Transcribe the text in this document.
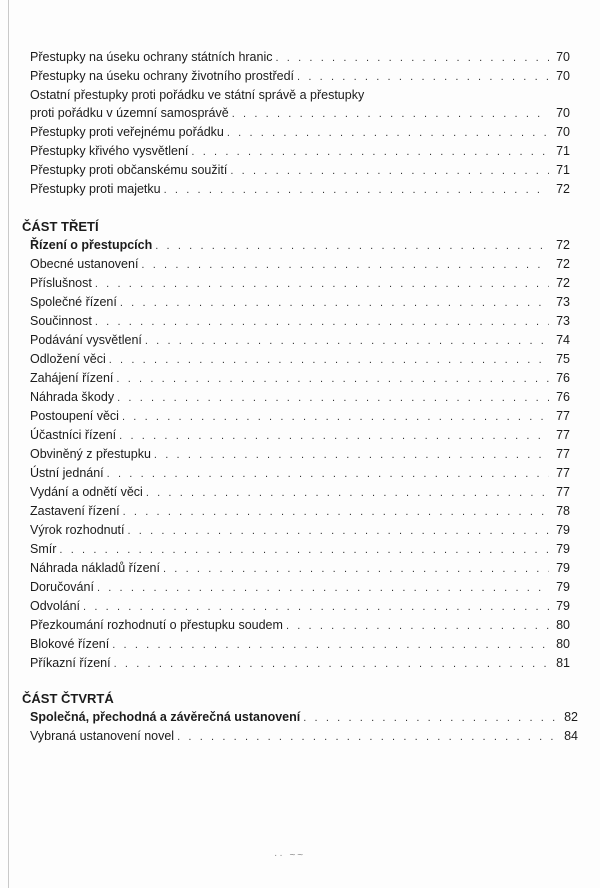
Přestupky na úseku ochrany státních hranic . . .	70
Přestupky na úseku ochrany životního prostředí . . .	70
Ostatní přestupky proti pořádku ve státní správě a přestupky
proti pořádku v územní samosprávě . . .	70
Přestupky proti veřejnému pořádku . . .	70
Přestupky křivého vysvětlení . . .	71
Přestupky proti občanskému soužití . . .	71
Přestupky proti majetku . . .	72
ČÁST TŘETÍ
Řízení o přestupcích . . .	72
Obecné ustanovení . . .	72
Příslušnost . . .	72
Společné řízení . . .	73
Součinnost . . .	73
Podávání vysvětlení . . .	74
Odložení věci . . .	75
Zahájení řízení . . .	76
Náhrada škody . . .	76
Postoupení věci . . .	77
Účastníci řízení . . .	77
Obviněný z přestupku . . .	77
Ústní jednání . . .	77
Vydání a odnětí věci . . .	77
Zastavení řízení . . .	78
Výrok rozhodnutí . . .	79
Smír . . .	79
Náhrada nákladů řízení . . .	79
Doručování . . .	79
Odvolání . . .	79
Přezkoumání rozhodnutí o přestupku soudem . . .	80
Blokové řízení . . .	80
Příkazní řízení . . .	81
ČÁST ČTVRTÁ
Společná, přechodná a závěrečná ustanovení . . .	82
Vybraná ustanovení novel . . .	84
·· ~~
